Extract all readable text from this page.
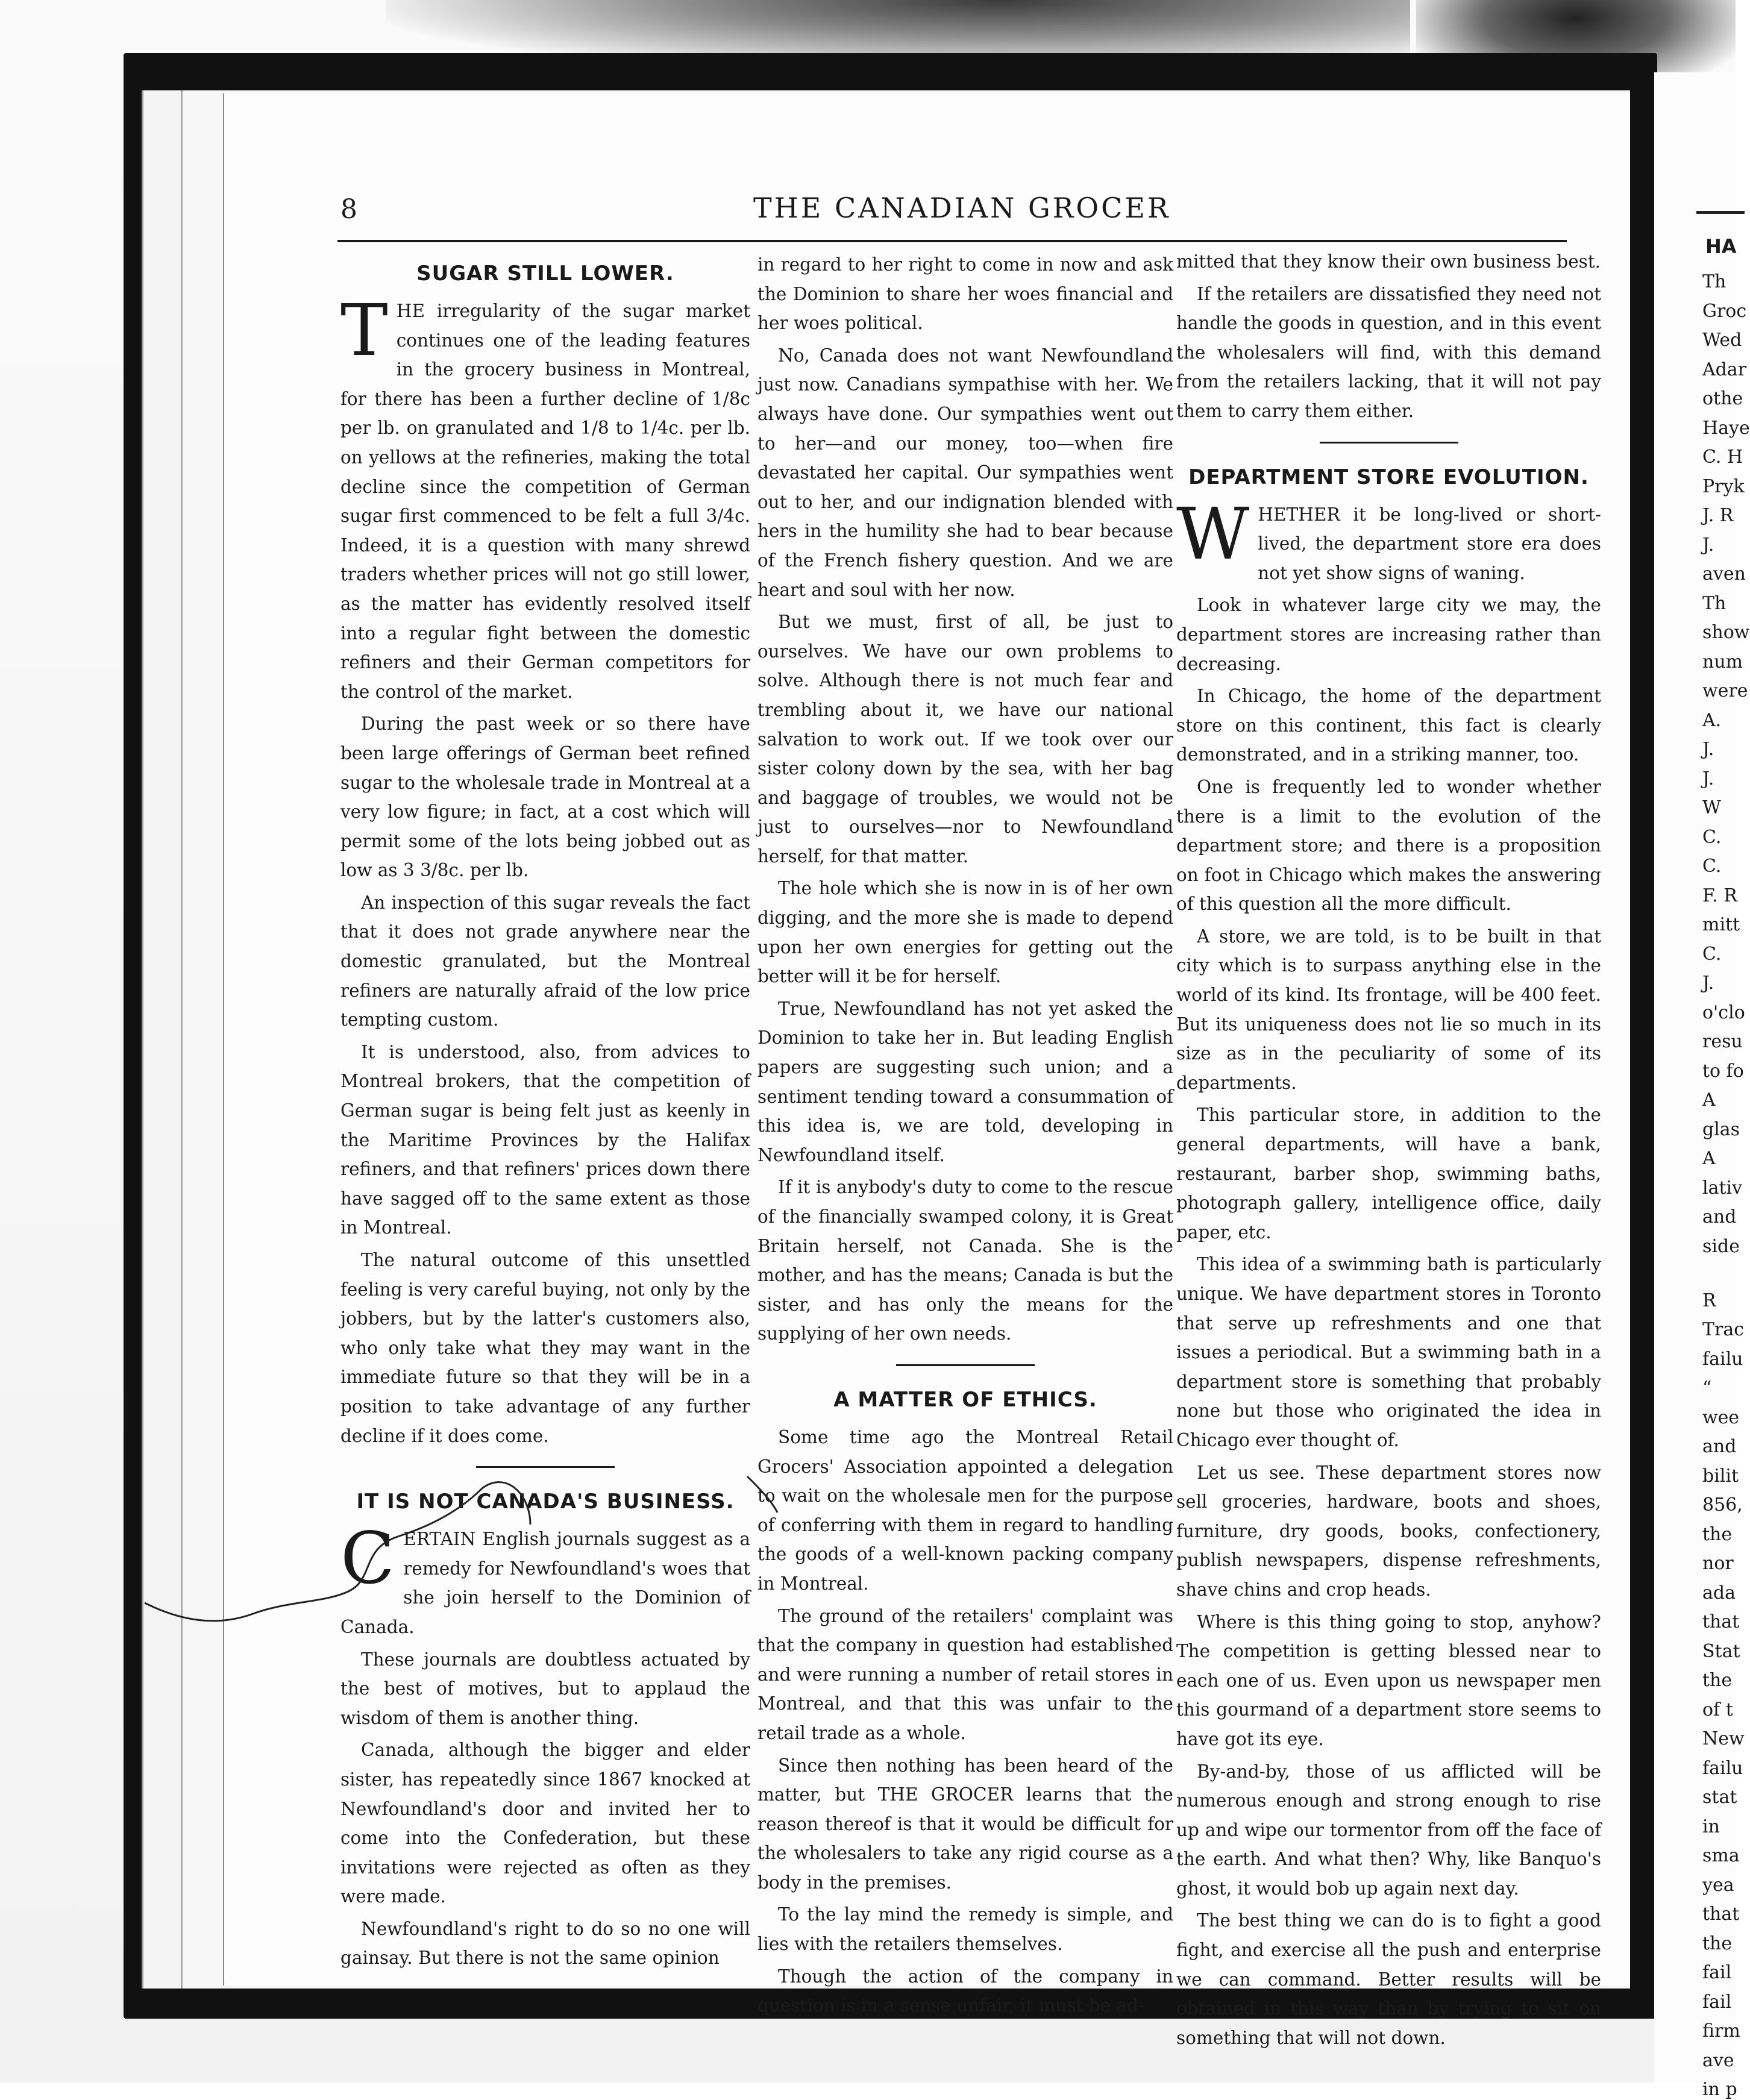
HA
Th
Groc
Wed
Adar
othe
Haye
C. H
Pryk
J. R
J.
aven
Th
show
num
were
A.
J.
J.
W
C.
C.
F. R
mitt
C.
J.
o'clo
resu
to fo
A
glas
A
lativ
and
side
R
Trac
failu
“
wee
and
bilit
856,
the
nor
ada
that
Stat
the
of t
New
failu
stat
in
sma
yea
that
the
fail
fail
firm
ave
in p
8	THE CANADIAN GROCER
SUGAR STILL LOWER.

THE irregularity of the sugar market continues one of the leading features in the grocery business in Montreal, for there has been a further decline of 1/8c per lb. on granulated and 1/8 to 1/4c. per lb. on yellows at the refineries, making the total decline since the competition of German sugar first commenced to be felt a full 3/4c. Indeed, it is a question with many shrewd traders whether prices will not go still lower, as the matter has evidently resolved itself into a regular fight between the domestic refiners and their German competitors for the control of the market.

During the past week or so there have been large offerings of German beet refined sugar to the wholesale trade in Montreal at a very low figure; in fact, at a cost which will permit some of the lots being jobbed out as low as 3 3/8c. per lb.

An inspection of this sugar reveals the fact that it does not grade anywhere near the domestic granulated, but the Montreal refiners are naturally afraid of the low price tempting custom.

It is understood, also, from advices to Montreal brokers, that the competition of German sugar is being felt just as keenly in the Maritime Provinces by the Halifax refiners, and that refiners' prices down there have sagged off to the same extent as those in Montreal.

The natural outcome of this unsettled feeling is very careful buying, not only by the jobbers, but by the latter's customers also, who only take what they may want in the immediate future so that they will be in a position to take advantage of any further decline if it does come.

IT IS NOT CANADA'S BUSINESS.

CERTAIN English journals suggest as a remedy for Newfoundland's woes that she join herself to the Dominion of Canada.

These journals are doubtless actuated by the best of motives, but to applaud the wisdom of them is another thing.

Canada, although the bigger and elder sister, has repeatedly since 1867 knocked at Newfoundland's door and invited her to come into the Confederation, but these invitations were rejected as often as they were made.

Newfoundland's right to do so no one will gainsay. But there is not the same opinion

in regard to her right to come in now and ask the Dominion to share her woes financial and her woes political.

No, Canada does not want Newfoundland just now. Canadians sympathise with her. We always have done. Our sympathies went out to her—and our money, too—when fire devastated her capital. Our sympathies went out to her, and our indignation blended with hers in the humility she had to bear because of the French fishery question. And we are heart and soul with her now.

But we must, first of all, be just to ourselves. We have our own problems to solve. Although there is not much fear and trembling about it, we have our national salvation to work out. If we took over our sister colony down by the sea, with her bag and baggage of troubles, we would not be just to ourselves—nor to Newfoundland herself, for that matter.

The hole which she is now in is of her own digging, and the more she is made to depend upon her own energies for getting out the better will it be for herself.

True, Newfoundland has not yet asked the Dominion to take her in. But leading English papers are suggesting such union; and a sentiment tending toward a consummation of this idea is, we are told, developing in Newfoundland itself.

If it is anybody's duty to come to the rescue of the financially swamped colony, it is Great Britain herself, not Canada. She is the mother, and has the means; Canada is but the sister, and has only the means for the supplying of her own needs.

A MATTER OF ETHICS.

Some time ago the Montreal Retail Grocers' Association appointed a delegation to wait on the wholesale men for the purpose of conferring with them in regard to handling the goods of a well-known packing company in Montreal.

The ground of the retailers' complaint was that the company in question had established and were running a number of retail stores in Montreal, and that this was unfair to the retail trade as a whole.

Since then nothing has been heard of the matter, but THE GROCER learns that the reason thereof is that it would be difficult for the wholesalers to take any rigid course as a body in the premises.

To the lay mind the remedy is simple, and lies with the retailers themselves.

Though the action of the company in question is in a sense unfair, it must be ad-

mitted that they know their own business best.

If the retailers are dissatisfied they need not handle the goods in question, and in this event the wholesalers will find, with this demand from the retailers lacking, that it will not pay them to carry them either.

DEPARTMENT STORE EVOLUTION.

WHETHER it be long-lived or short-lived, the department store era does not yet show signs of waning.

Look in whatever large city we may, the department stores are increasing rather than decreasing.

In Chicago, the home of the department store on this continent, this fact is clearly demonstrated, and in a striking manner, too.

One is frequently led to wonder whether there is a limit to the evolution of the department store; and there is a proposition on foot in Chicago which makes the answering of this question all the more difficult.

A store, we are told, is to be built in that city which is to surpass anything else in the world of its kind. Its frontage, will be 400 feet. But its uniqueness does not lie so much in its size as in the peculiarity of some of its departments.

This particular store, in addition to the general departments, will have a bank, restaurant, barber shop, swimming baths, photograph gallery, intelligence office, daily paper, etc.

This idea of a swimming bath is particularly unique. We have department stores in Toronto that serve up refreshments and one that issues a periodical. But a swimming bath in a department store is something that probably none but those who originated the idea in Chicago ever thought of.

Let us see. These department stores now sell groceries, hardware, boots and shoes, furniture, dry goods, books, confectionery, publish newspapers, dispense refreshments, shave chins and crop heads.

Where is this thing going to stop, anyhow? The competition is getting blessed near to each one of us. Even upon us newspaper men this gourmand of a department store seems to have got its eye.

By-and-by, those of us afflicted will be numerous enough and strong enough to rise up and wipe our tormentor from off the face of the earth. And what then? Why, like Banquo's ghost, it would bob up again next day.

The best thing we can do is to fight a good fight, and exercise all the push and enterprise we can command. Better results will be obtained in this way than by trying to sit on something that will not down.
